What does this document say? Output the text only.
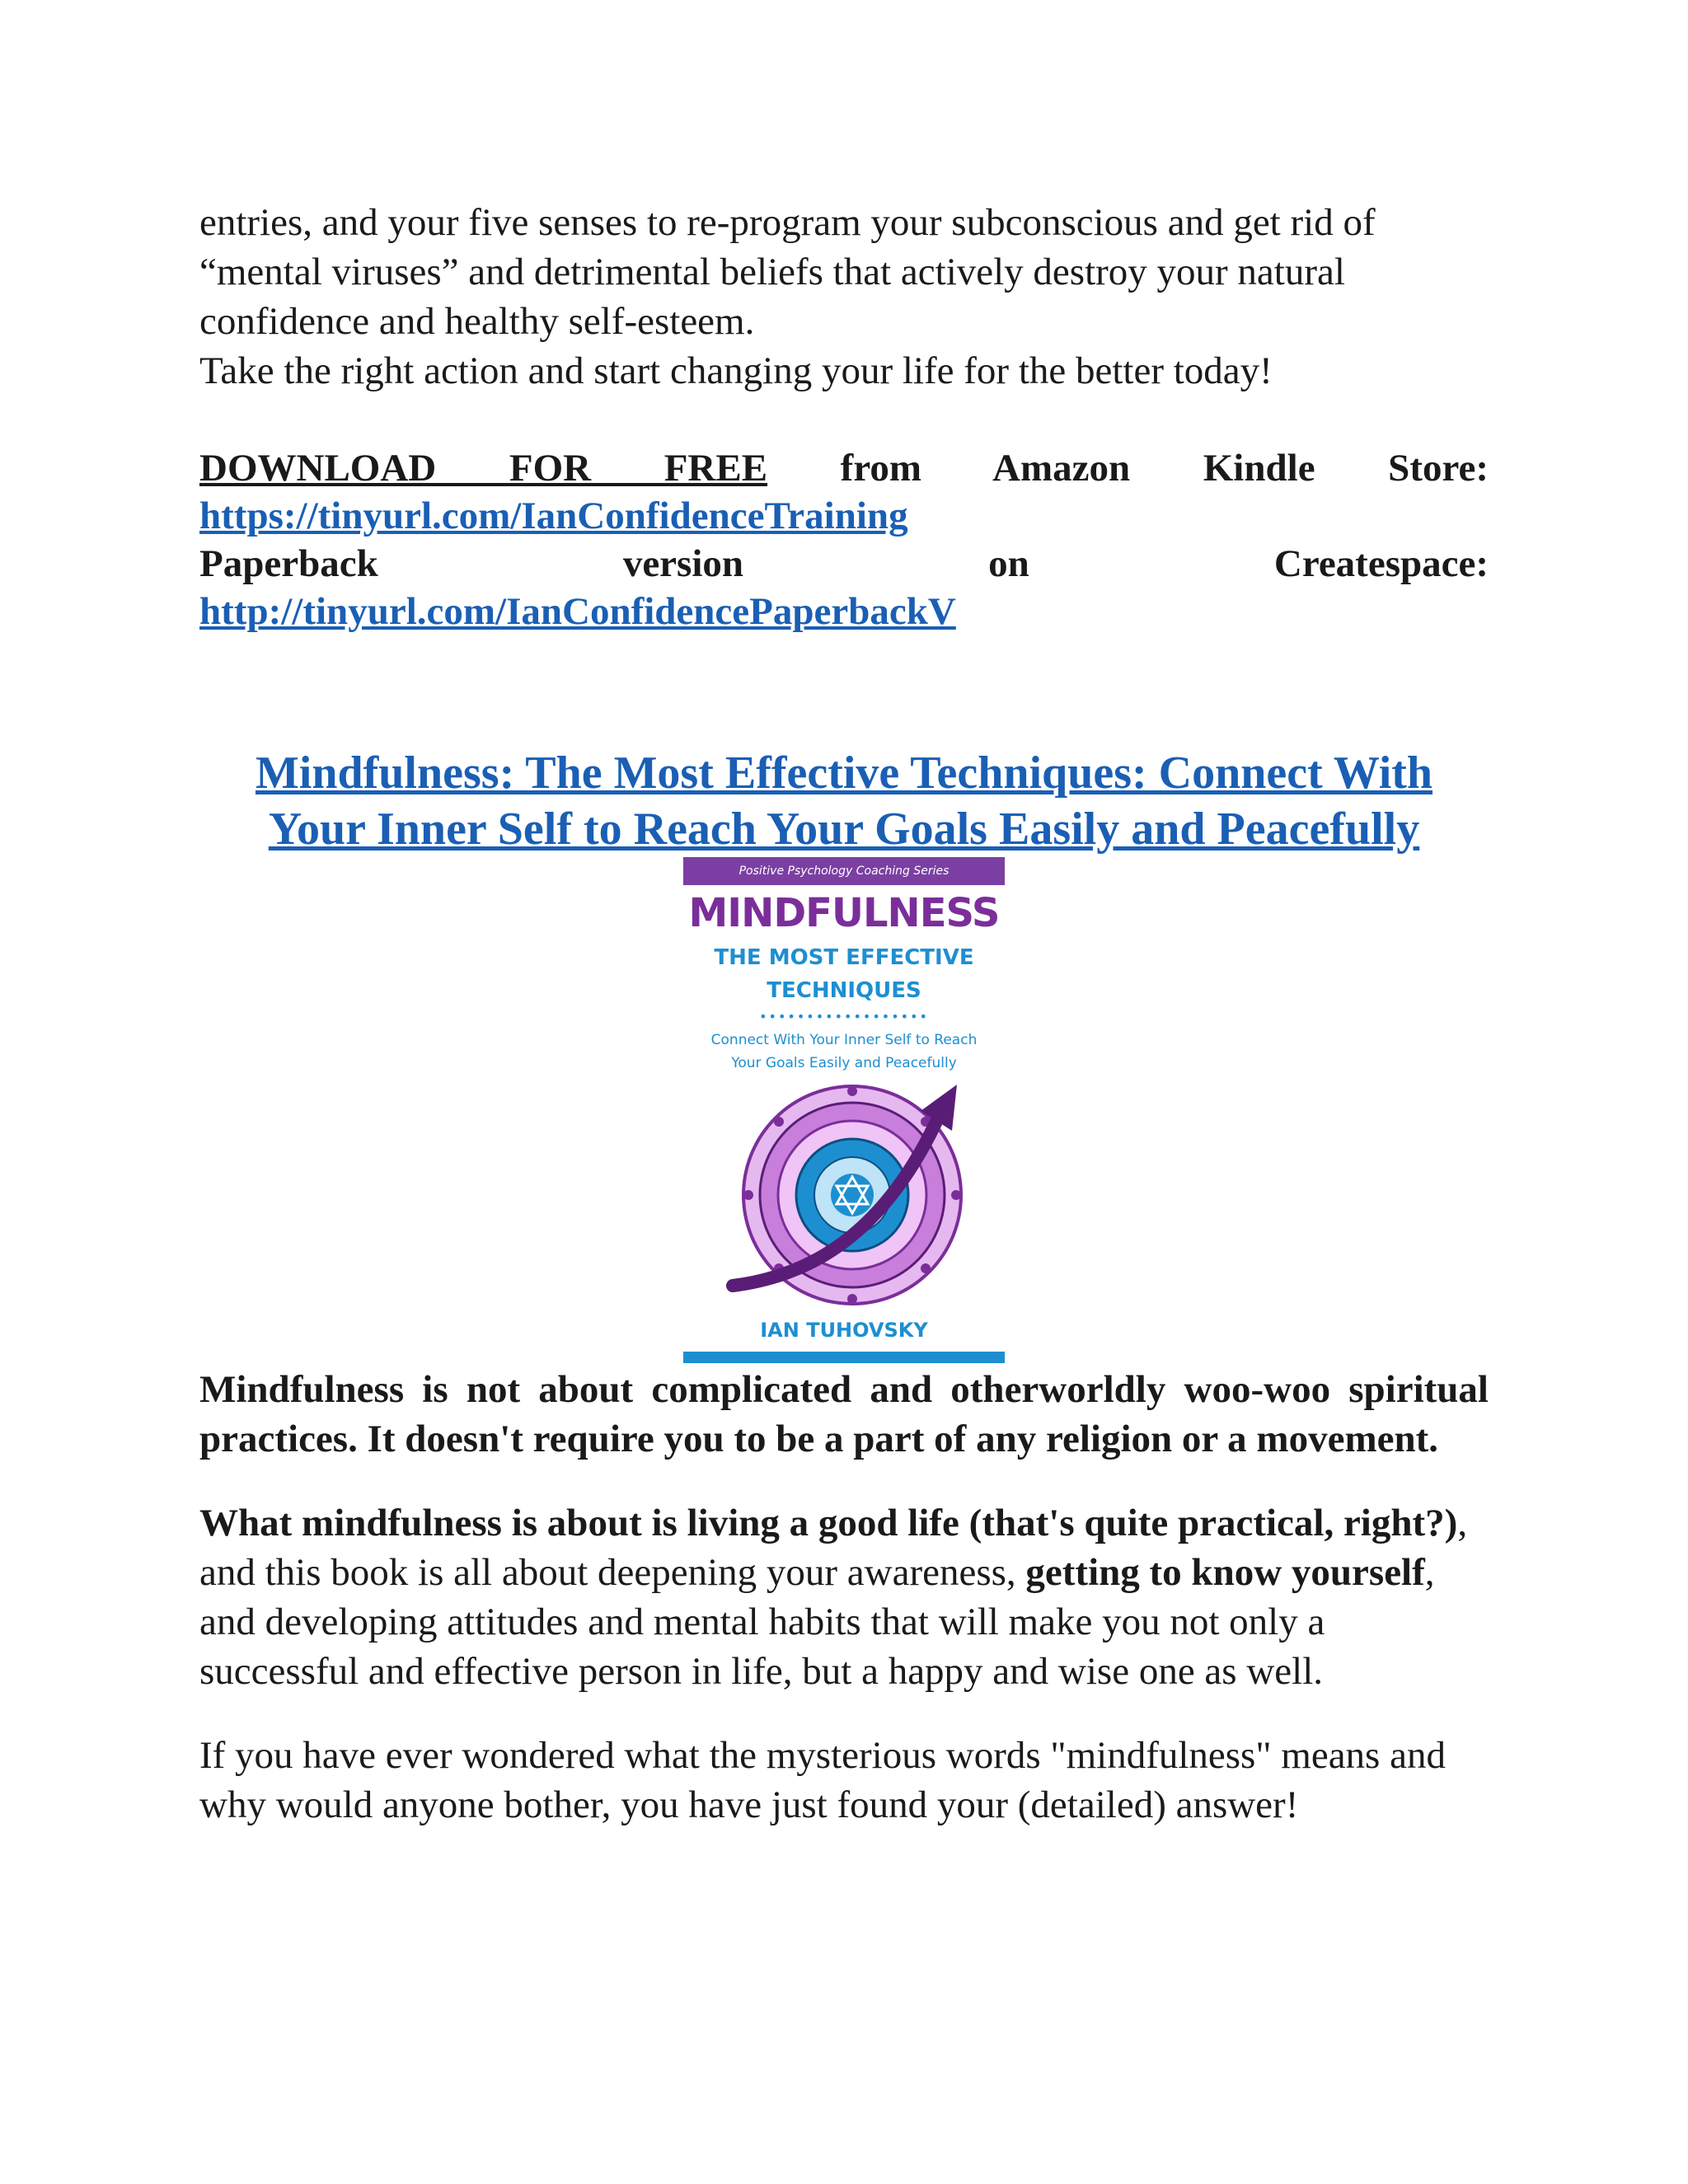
entries, and your five senses to re-program your subconscious and get rid of

“mental viruses” and detrimental beliefs that actively destroy your natural

confidence and healthy self-esteem.

Take the right action and start changing your life for the better today!

DOWNLOAD FOR FREE from Amazon Kindle Store:

https://tinyurl.com/IanConfidenceTraining

Paperback version on Createspace:

http://tinyurl.com/IanConfidencePaperbackV

Mindfulness: The Most Effective Techniques: Connect With
Your Inner Self to Reach Your Goals Easily and Peacefully
Positive Psychology Coaching Series
MINDFULNESS
THE MOST EFFECTIVE
TECHNIQUES
••••••••••••••••••
Connect With Your Inner Self to Reach
Your Goals Easily and Peacefully
IAN TUHOVSKY

Mindfulness is not about complicated and otherworldly woo-woo spiritual practices. It doesn't require you to be a part of any religion or a movement.

What mindfulness is about is living a good life (that's quite practical, right?), and this book is all about deepening your awareness, getting to know yourself, and developing attitudes and mental habits that will make you not only a successful and effective person in life, but a happy and wise one as well.

If you have ever wondered what the mysterious words "mindfulness" means and why would anyone bother, you have just found your (detailed) answer!
